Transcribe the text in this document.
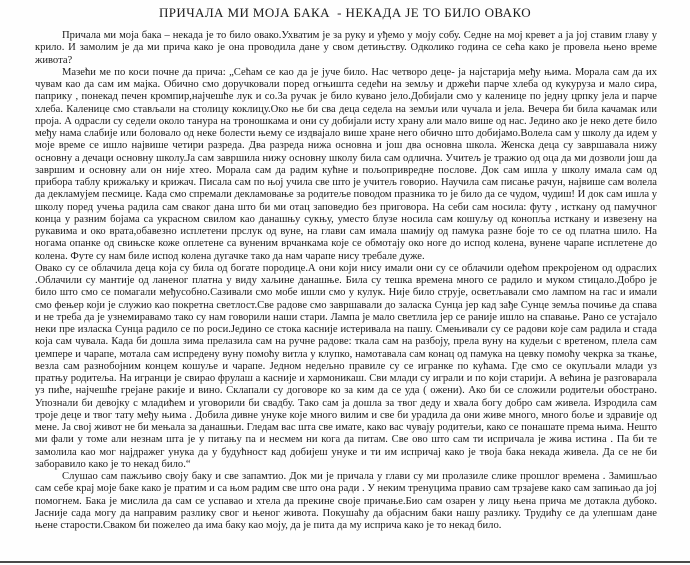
ПРИЧАЛА МИ МОЈА БАКА  - НЕКАДА ЈЕ ТО БИЛО ОВАКО

Причала ми моја бака – некада је то било овако.Ухватим је за руку и уђемо у моју собу. Седне на мој кревет а ја јој ставим главу у крило. И замолим је да ми прича како је она проводила дане у свом детињству. Одколико година се сећа како је провела њено време живота?

Мазећи ме по коси почне да прича: „Сећам се као да је јуче било. Нас четворо деце- ја најстарија међу њима. Морала сам да их чувам као да сам им мајка. Обично смо доручковали поред огњишта седећи на земљу и држећи парче хлеба од кукуруза и мало сира, паприку , понекад печен кромпир,најчешће лук и со.За ручак је било кувано јело.Добијали смо у каленице по једну црпку јела и парче хлеба. Каленице смо стављали на столицу коклицу.Око ње би сва деца седела на земљи или чучала и јела. Вечера би била качамак или проја. А одрасли су седели около танура на троношкама и они су добијали исту храну али мало више од нас. Једино ако је неко дете било међу нама слабије или боловало од неке болести њему се издвајало више хране него обично што добијамо.Волела сам у школу да идем у моје време се ишло највише четири разреда. Два разреда нижа основна и још два основна школа. Женска деца су завршавала нижу основну а дечаци основну школу.Ја сам завршила нижу основну школу била сам одлична. Учитељ је тражио од оца да ми дозволи још да завршим и основну али он није хтео. Морала сам да радим кућне и пољопривредне послове. Док сам ишла у школу имала сам од прибора таблу крижаљку и крижач. Писала сам по њој учила све што је учитељ говорио. Научила сам писање рачун, највише сам волела да декламујем песмице. Када смо спремали декламовање за родитеље поводом празника то је било да се чудом, чудиш! И док сам ишла у школу поред учења радила сам сваког дана што би ми отац заповедио без приговора. На себи сам носила: футу , исткану од памучног конца у разним бојама са украсном свилом као данашњу сукњу, уместо блузе носила сам кошуљу од конопља исткану и извезену на рукавима и око врата,обавезно исплетени прслук од вуне, на глави сам имала шамију од памука разне боје то се од платна шило. На ногама опанке од свињске коже оплетене са вуненим врчанкама које се обмотају око ноге до испод колена, вунене чарапе исплетене до колена. Футе су нам биле испод колена дугачке тако да нам чарапе нису требале дуже.

Овако су се облачила деца која су била од богате породице.А они који нису имали они су се облачили одећом прекројеном од одраслих .Облачили су мантије од ланеног платна у виду хаљине данашње. Била су тешка времена много се радило и муком стицало.Добро је било што смо се помагали међусобно.Сазивали смо мобе ишли смо у кулук. Није било струје, осветљавали смо лампом на гас и имали смо фењер који је служио као покретна светлост.Све радове смо завршавали до заласка Сунца јер кад зађе Сунце земља почиње да спава и не треба да је узнемиравамо тако су нам говорили наши стари. Лампа је мало светлила јер се раније ишло на спавање. Рано се устајало неки пре изласка Сунца радило се по роси.Једино се стока касније истеривала на пашу. Смењивали су се радови које сам радила и стада која сам чувала. Када би дошла зима прелазила сам на ручне радове: ткала сам на разбоју, прела вуну на кудељи с вретеном, плела сам џемпере и чарапе, мотала сам испредену вуну помоћу витла у клупко, намотавала сам конац од памука на цевку помоћу чекрка за ткање, везла сам разнобојним концем кошуље и чарапе. Једном недељно правиле су се игранке по кућама. Где смо се окупљали млади уз пратњу родитеља. На игранци је свирао фрулаш а касније и хармоникаш. Сви млади су играли и по који старији. А већина је разговарала уз пиће, најчешће грејане ракије и вино. Склапали су договоре ко за ким да се уда ( ожени). Ако би се сложили родитељи обострано. Упознали би девојку с младићем и уговорили би свадбу. Тако сам ја дошла за твог деду и хвала богу добро сам живела. Изродила сам троје деце и твог тату међу њима . Добила дивне унуке које много вилим и све би урадила да они живе много, много боље и здравије од мене. Ја свој живот не би мењала за данашњи. Гледам вас шта све имате, како вас чувају родитељи, како се понашате према њима. Нешто ми фали у томе али незнам шта је у питању па и несмем ни кога да питам. Све ово што сам ти испричала је жива истина . Па би те замолила као мог најдражег унука да у будућност кад добијеш унуке и ти им испричај како је твоја бака некада живела. Да се не би заборавило како је то некад било.“

Слушао сам пажљиво своју баку и све запамтио. Док ми је причала у глави су ми пролазиле слике прошлог времена . Замишљао сам себе крај моје баке како је пратим и са њом радим све што она ради . У неким тренуцима правио сам трзајеве како сам запињао да јој помогнем. Бака је мислила да сам се успавао и хтела да прекине своје причање.Био сам озарен у лицу њена прича ме дотакла дубоко. Јасније сада могу да направим разлику свог и њеног живота. Покушаћу да објасним баки нашу разлику. Трудићу се да улепшам дане њене старости.Сваком би пожелео да има баку као моју, да је пита да му исприча како је то некад било.
